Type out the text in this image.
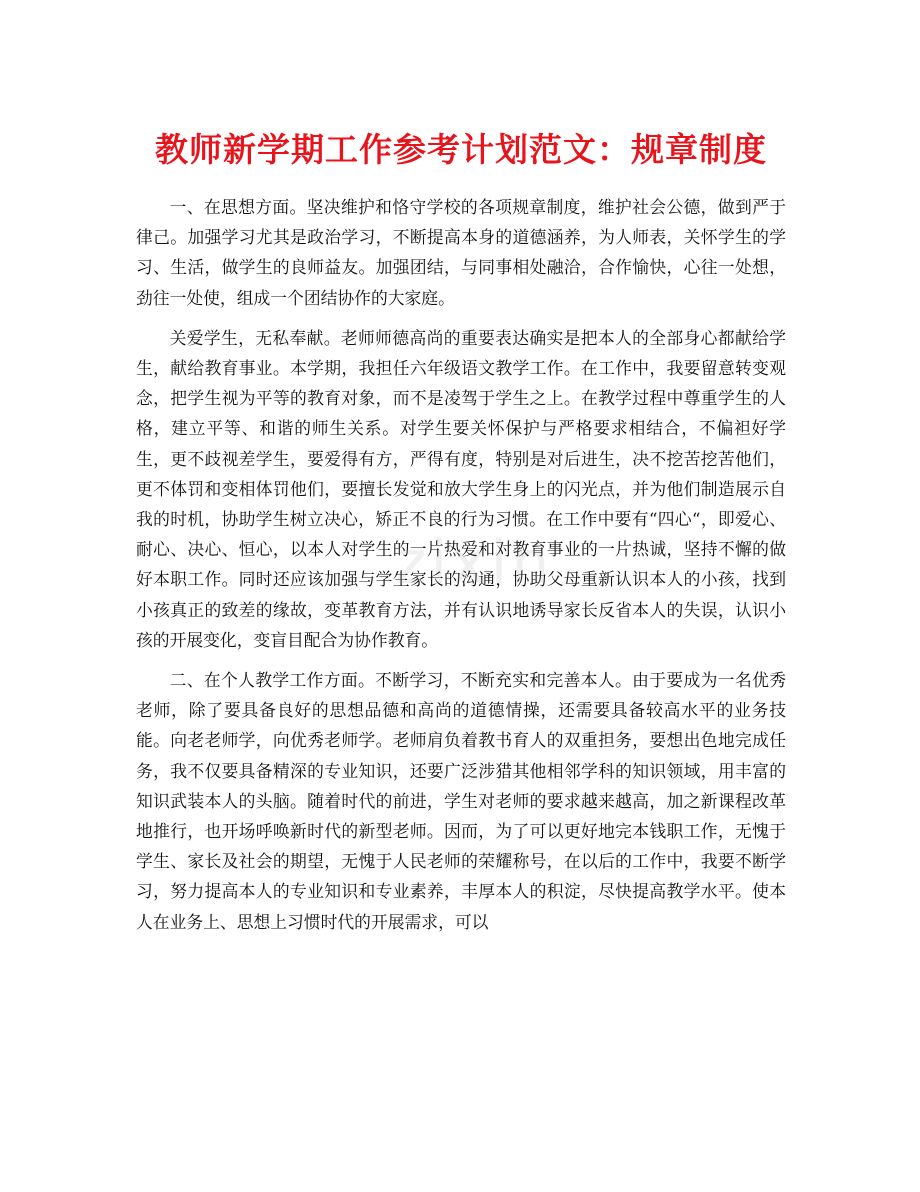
教师新学期工作参考计划范文：规章制度

一、在思想方面。坚决维护和恪守学校的各项规章制度，维护社会公德，做到严于律己。加强学习尤其是政治学习，不断提高本身的道德涵养，为人师表，关怀学生的学习、生活，做学生的良师益友。加强团结，与同事相处融洽，合作愉快，心往一处想，劲往一处使，组成一个团结协作的大家庭。

关爱学生，无私奉献。老师师德高尚的重要表达确实是把本人的全部身心都献给学生，献给教育事业。本学期，我担任六年级语文教学工作。在工作中，我要留意转变观念，把学生视为平等的教育对象，而不是凌驾于学生之上。在教学过程中尊重学生的人格，建立平等、和谐的师生关系。对学生要关怀保护与严格要求相结合，不偏袒好学生，更不歧视差学生，要爱得有方，严得有度，特别是对后进生，决不挖苦挖苦他们，更不体罚和变相体罚他们，要擅长发觉和放大学生身上的闪光点，并为他们制造展示自我的时机，协助学生树立决心，矫正不良的行为习惯。在工作中要有“四心“，即爱心、耐心、决心、恒心，以本人对学生的一片热爱和对教育事业的一片热诚，坚持不懈的做好本职工作。同时还应该加强与学生家长的沟通，协助父母重新认识本人的小孩，找到小孩真正的致差的缘故，变革教育方法，并有认识地诱导家长反省本人的失误，认识小孩的开展变化，变盲目配合为协作教育。

二、在个人教学工作方面。不断学习，不断充实和完善本人。由于要成为一名优秀老师，除了要具备良好的思想品德和高尚的道德情操，还需要具备较高水平的业务技能。向老老师学，向优秀老师学。老师肩负着教书育人的双重担务，要想出色地完成任务，我不仅要具备精深的专业知识，还要广泛涉猎其他相邻学科的知识领域，用丰富的知识武装本人的头脑。随着时代的前进，学生对老师的要求越来越高，加之新课程改革地推行，也开场呼唤新时代的新型老师。因而，为了可以更好地完本钱职工作，无愧于学生、家长及社会的期望，无愧于人民老师的荣耀称号，在以后的工作中，我要不断学习，努力提高本人的专业知识和专业素养，丰厚本人的积淀，尽快提高教学水平。使本人在业务上、思想上习惯时代的开展需求，可以

zixin
